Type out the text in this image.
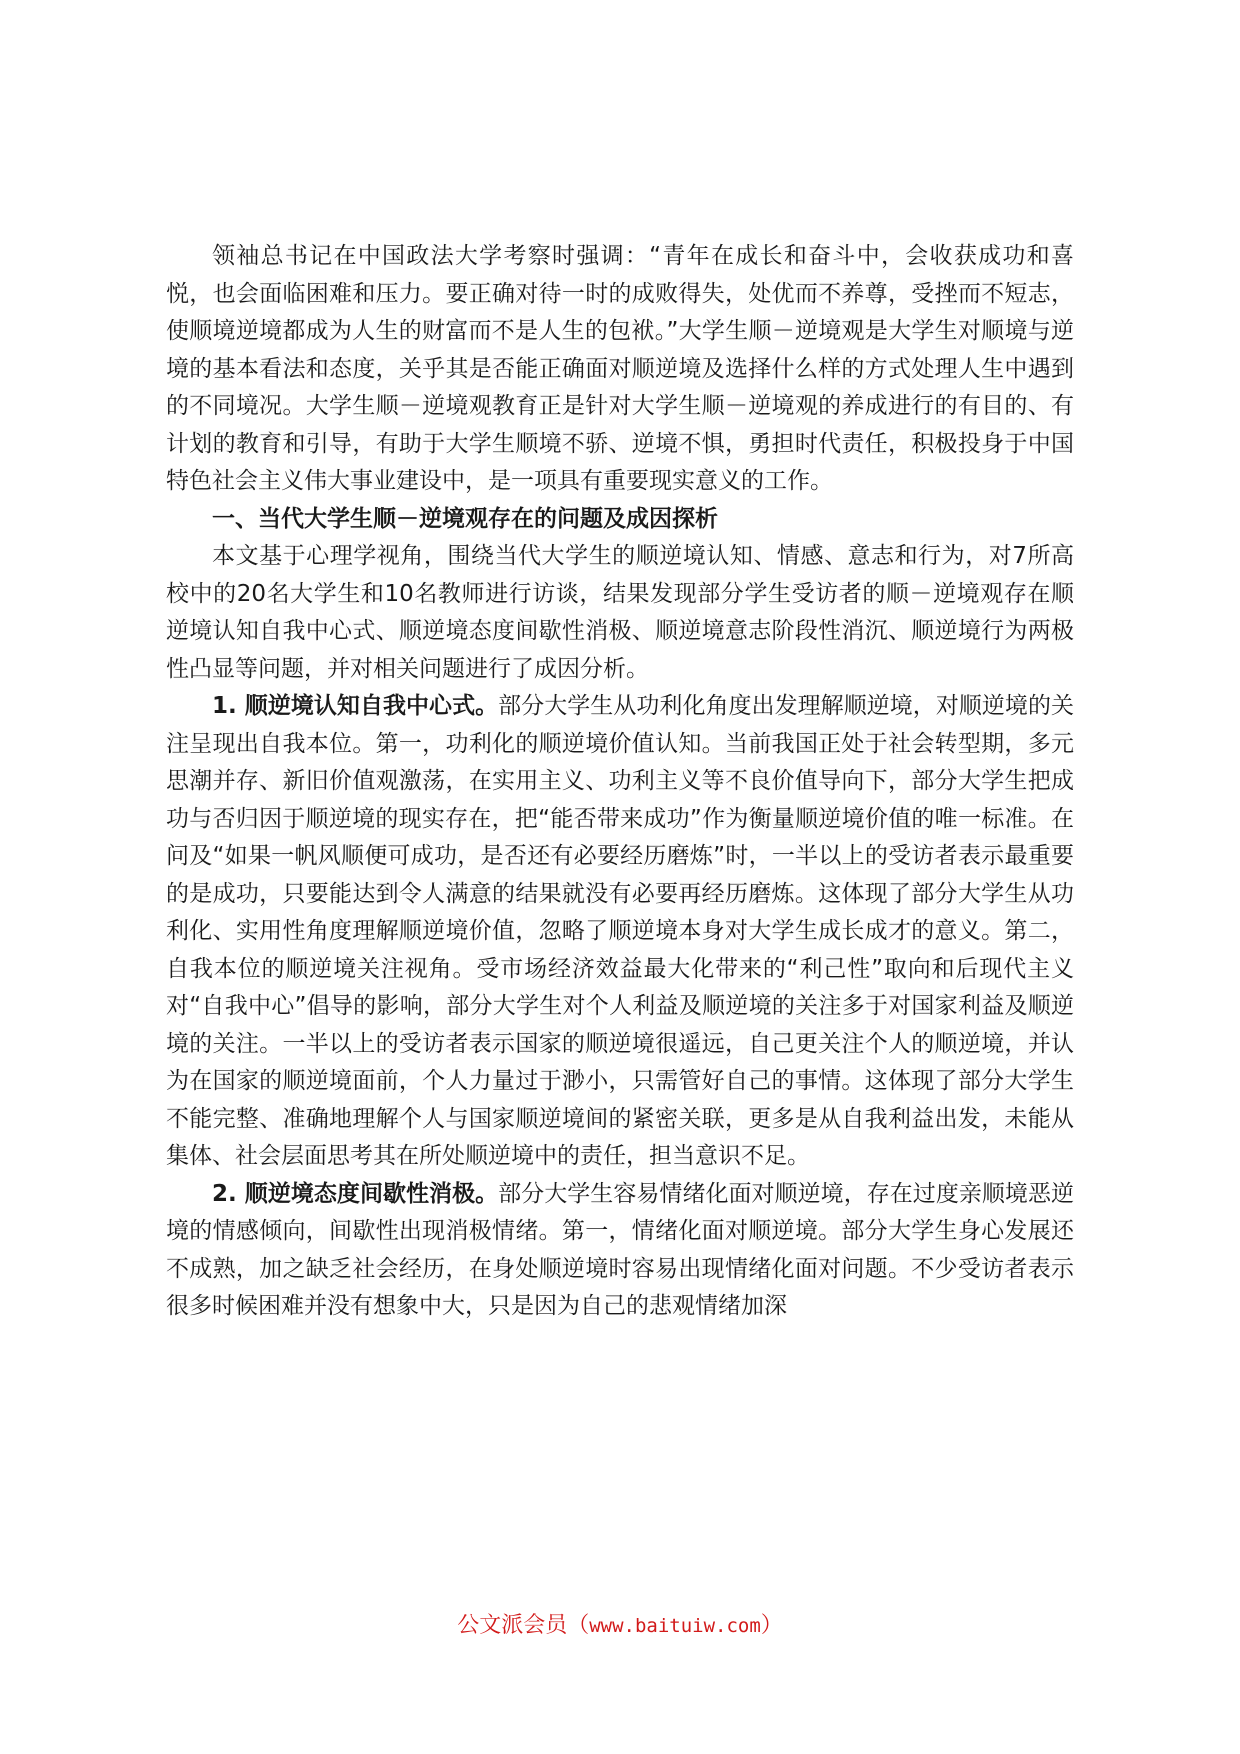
领袖总书记在中国政法大学考察时强调：“青年在成长和奋斗中，会收获成功和喜悦，也会面临困难和压力。要正确对待一时的成败得失，处优而不养尊，受挫而不短志，使顺境逆境都成为人生的财富而不是人生的包袱。”大学生顺－逆境观是大学生对顺境与逆境的基本看法和态度，关乎其是否能正确面对顺逆境及选择什么样的方式处理人生中遇到的不同境况。大学生顺－逆境观教育正是针对大学生顺－逆境观的养成进行的有目的、有计划的教育和引导，有助于大学生顺境不骄、逆境不惧，勇担时代责任，积极投身于中国特色社会主义伟大事业建设中，是一项具有重要现实意义的工作。

一、当代大学生顺－逆境观存在的问题及成因探析

本文基于心理学视角，围绕当代大学生的顺逆境认知、情感、意志和行为，对7所高校中的20名大学生和10名教师进行访谈，结果发现部分学生受访者的顺－逆境观存在顺逆境认知自我中心式、顺逆境态度间歇性消极、顺逆境意志阶段性消沉、顺逆境行为两极性凸显等问题，并对相关问题进行了成因分析。

1. 顺逆境认知自我中心式。部分大学生从功利化角度出发理解顺逆境，对顺逆境的关注呈现出自我本位。第一，功利化的顺逆境价值认知。当前我国正处于社会转型期，多元思潮并存、新旧价值观激荡，在实用主义、功利主义等不良价值导向下，部分大学生把成功与否归因于顺逆境的现实存在，把“能否带来成功”作为衡量顺逆境价值的唯一标准。在问及“如果一帆风顺便可成功，是否还有必要经历磨炼”时，一半以上的受访者表示最重要的是成功，只要能达到令人满意的结果就没有必要再经历磨炼。这体现了部分大学生从功利化、实用性角度理解顺逆境价值，忽略了顺逆境本身对大学生成长成才的意义。第二，自我本位的顺逆境关注视角。受市场经济效益最大化带来的“利己性”取向和后现代主义对“自我中心”倡导的影响，部分大学生对个人利益及顺逆境的关注多于对国家利益及顺逆境的关注。一半以上的受访者表示国家的顺逆境很遥远，自己更关注个人的顺逆境，并认为在国家的顺逆境面前，个人力量过于渺小，只需管好自己的事情。这体现了部分大学生不能完整、准确地理解个人与国家顺逆境间的紧密关联，更多是从自我利益出发，未能从集体、社会层面思考其在所处顺逆境中的责任，担当意识不足。

2. 顺逆境态度间歇性消极。部分大学生容易情绪化面对顺逆境，存在过度亲顺境恶逆境的情感倾向，间歇性出现消极情绪。第一，情绪化面对顺逆境。部分大学生身心发展还不成熟，加之缺乏社会经历，在身处顺逆境时容易出现情绪化面对问题。不少受访者表示很多时候困难并没有想象中大，只是因为自己的悲观情绪加深

公文派会员（www.baituiw.com）
